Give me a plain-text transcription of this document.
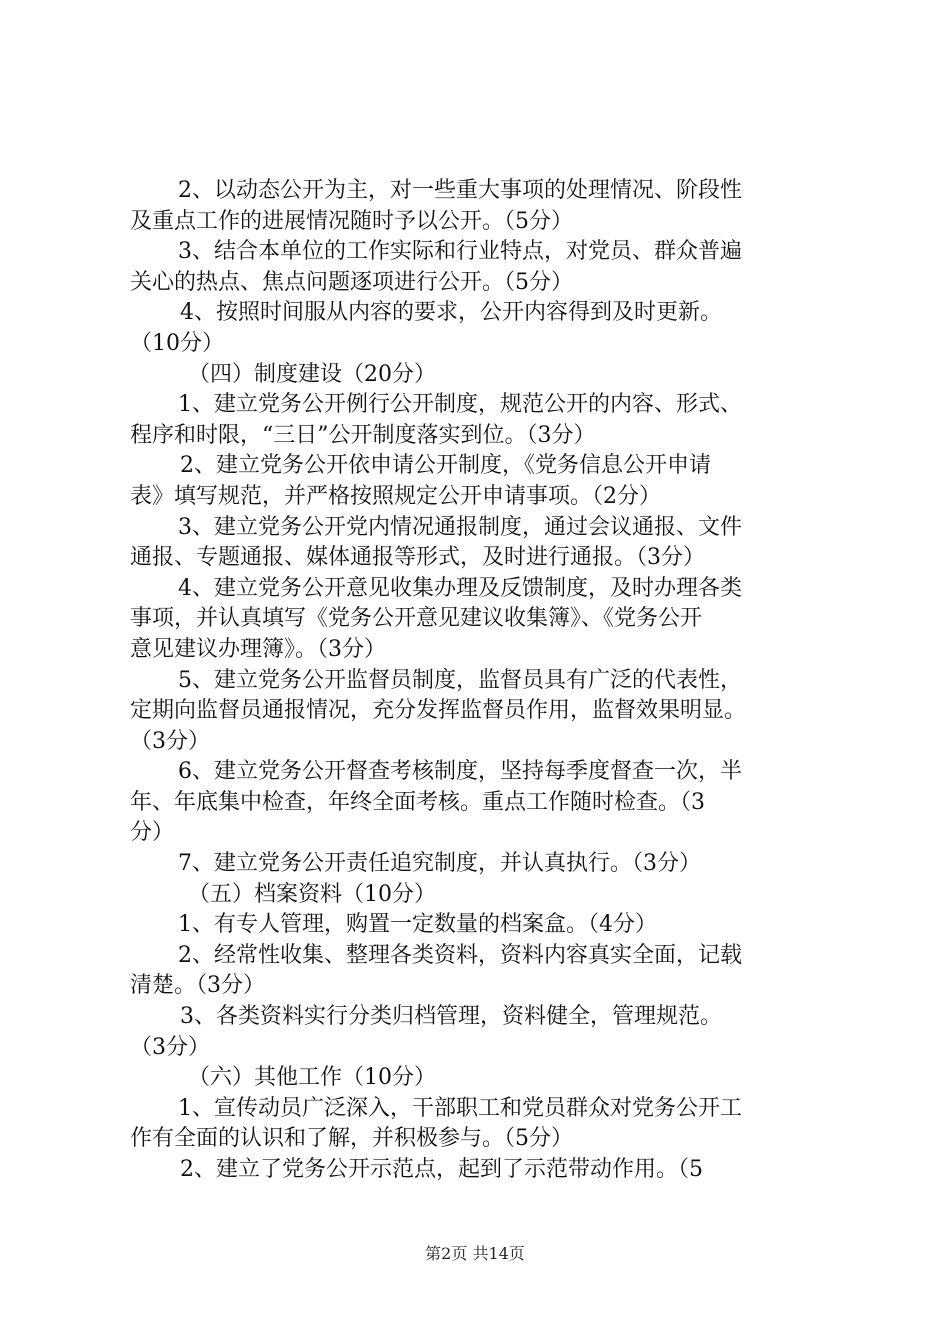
2、以动态公开为主，对一些重大事项的处理情况、阶段性
及重点工作的进展情况随时予以公开。（5分）
3、结合本单位的工作实际和行业特点，对党员、群众普遍
关心的热点、焦点问题逐项进行公开。（5分）
4、按照时间服从内容的要求，公开内容得到及时更新。
（10分）
（四）制度建设（20分）
1、建立党务公开例行公开制度，规范公开的内容、形式、
程序和时限，“三日”公开制度落实到位。（3分）
2、建立党务公开依申请公开制度，《党务信息公开申请
表》填写规范，并严格按照规定公开申请事项。（2分）
3、建立党务公开党内情况通报制度，通过会议通报、文件
通报、专题通报、媒体通报等形式，及时进行通报。（3分）
4、建立党务公开意见收集办理及反馈制度，及时办理各类
事项，并认真填写《党务公开意见建议收集簿》、《党务公开
意见建议办理簿》。（3分）
5、建立党务公开监督员制度，监督员具有广泛的代表性，
定期向监督员通报情况，充分发挥监督员作用，监督效果明显。
（3分）
6、建立党务公开督查考核制度，坚持每季度督查一次，半
年、年底集中检查，年终全面考核。重点工作随时检查。（3
分）
7、建立党务公开责任追究制度，并认真执行。（3分）
（五）档案资料（10分）
1、有专人管理，购置一定数量的档案盒。（4分）
2、经常性收集、整理各类资料，资料内容真实全面，记载
清楚。（3分）
3、各类资料实行分类归档管理，资料健全，管理规范。
（3分）
（六）其他工作（10分）
1、宣传动员广泛深入，干部职工和党员群众对党务公开工
作有全面的认识和了解，并积极参与。（5分）
2、建立了党务公开示范点，起到了示范带动作用。（5
第2页 共14页
